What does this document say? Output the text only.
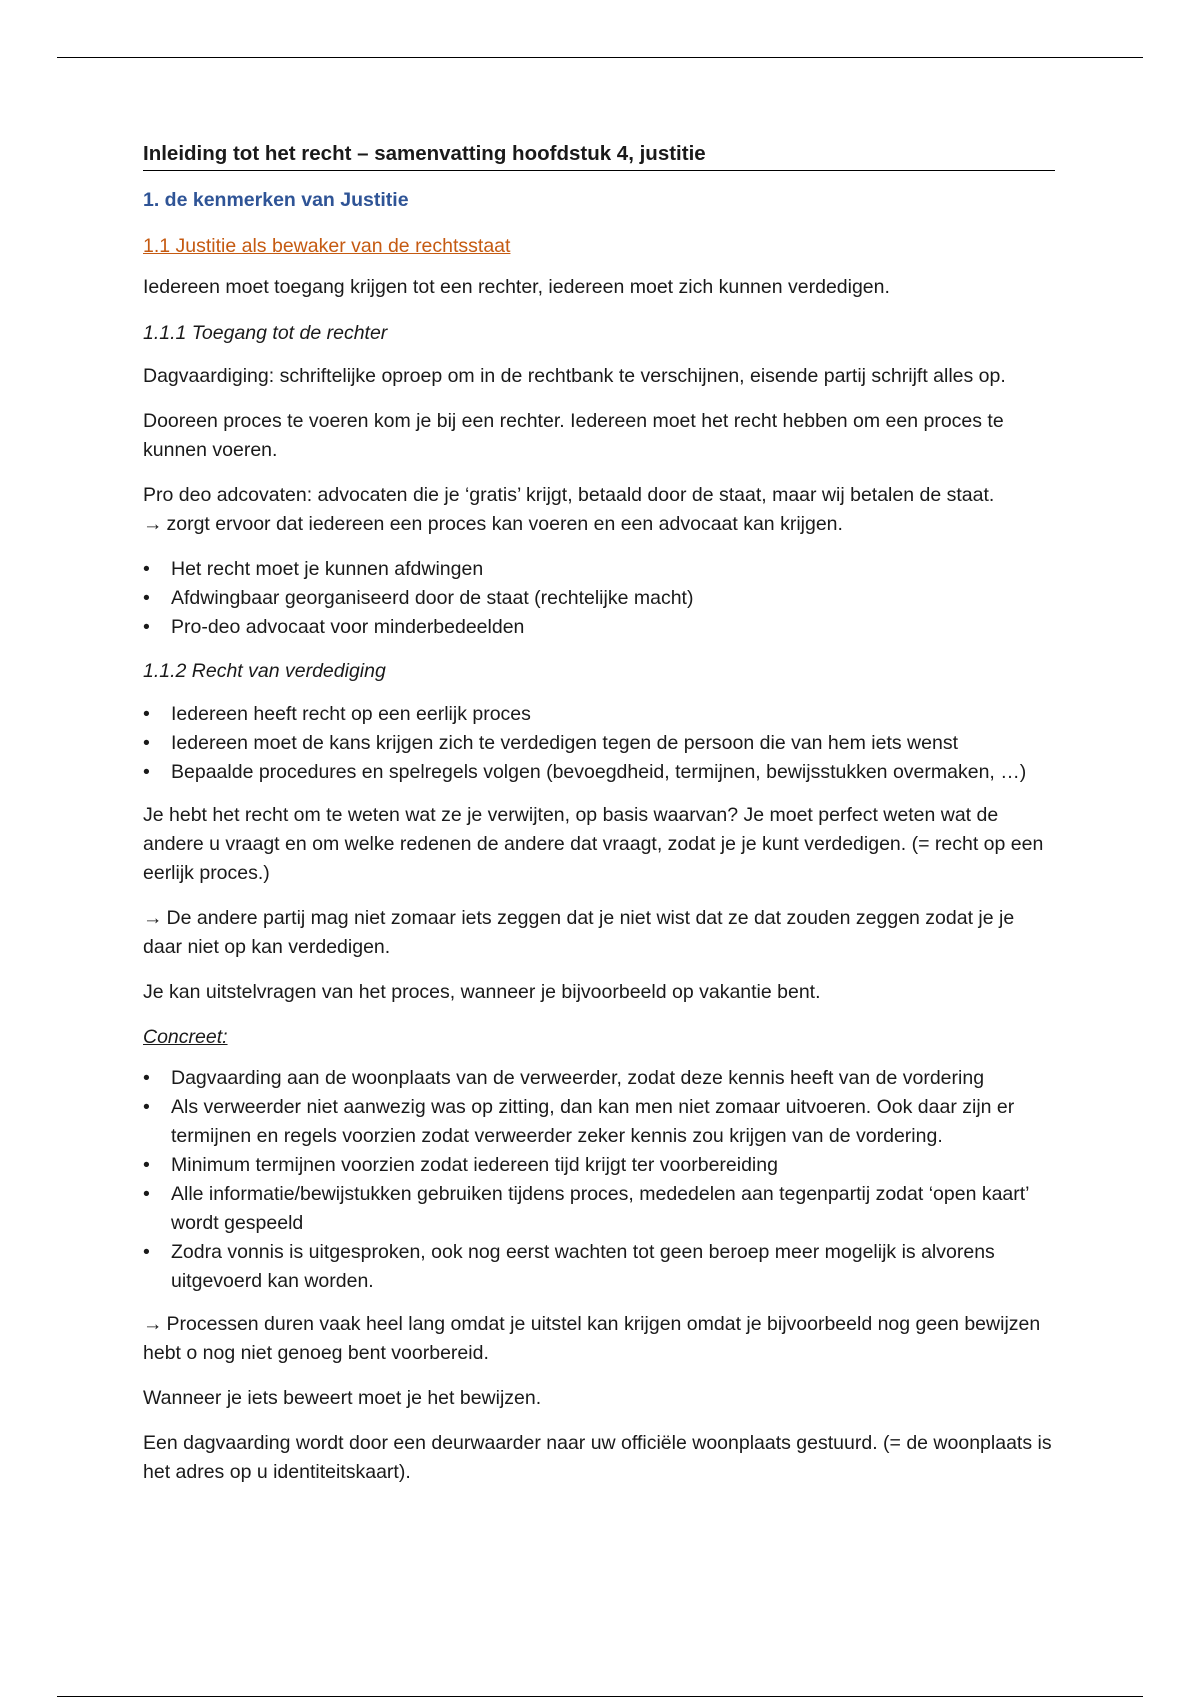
Inleiding tot het recht – samenvatting hoofdstuk 4, justitie
1. de kenmerken van Justitie
1.1 Justitie als bewaker van de rechtsstaat
Iedereen moet toegang krijgen tot een rechter, iedereen moet zich kunnen verdedigen.
1.1.1 Toegang tot de rechter
Dagvaardiging: schriftelijke oproep om in de rechtbank te verschijnen, eisende partij schrijft alles op.
Dooreen proces te voeren kom je bij een rechter. Iedereen moet het recht hebben om een proces te kunnen voeren.
Pro deo adcovaten: advocaten die je ‘gratis’ krijgt, betaald door de staat, maar wij betalen de staat.
→ zorgt ervoor dat iedereen een proces kan voeren en een advocaat kan krijgen.
•	Het recht moet je kunnen afdwingen
•	Afdwingbaar georganiseerd door de staat (rechtelijke macht)
•	Pro-deo advocaat voor minderbedeelden
1.1.2 Recht van verdediging
•	Iedereen heeft recht op een eerlijk proces
•	Iedereen moet de kans krijgen zich te verdedigen tegen de persoon die van hem iets wenst
•	Bepaalde procedures en spelregels volgen (bevoegdheid, termijnen, bewijsstukken overmaken, …)
Je hebt het recht om te weten wat ze je verwijten, op basis waarvan? Je moet perfect weten wat de andere u vraagt en om welke redenen de andere dat vraagt, zodat je je kunt verdedigen. (= recht op een eerlijk proces.)
→ De andere partij mag niet zomaar iets zeggen dat je niet wist dat ze dat zouden zeggen zodat je je daar niet op kan verdedigen.
Je kan uitstelvragen van het proces, wanneer je bijvoorbeeld op vakantie bent.
Concreet:
•	Dagvaarding aan de woonplaats van de verweerder, zodat deze kennis heeft van de vordering
•	Als verweerder niet aanwezig was op zitting, dan kan men niet zomaar uitvoeren. Ook daar zijn er termijnen en regels voorzien zodat verweerder zeker kennis zou krijgen van de vordering.
•	Minimum termijnen voorzien zodat iedereen tijd krijgt ter voorbereiding
•	Alle informatie/bewijstukken gebruiken tijdens proces, mededelen aan tegenpartij zodat ‘open kaart’ wordt gespeeld
•	Zodra vonnis is uitgesproken, ook nog eerst wachten tot geen beroep meer mogelijk is alvorens uitgevoerd kan worden.
→ Processen duren vaak heel lang omdat je uitstel kan krijgen omdat je bijvoorbeeld nog geen bewijzen hebt o nog niet genoeg bent voorbereid.
Wanneer je iets beweert moet je het bewijzen.
Een dagvaarding wordt door een deurwaarder naar uw officiële woonplaats gestuurd. (= de woonplaats is het adres op u identiteitskaart).
